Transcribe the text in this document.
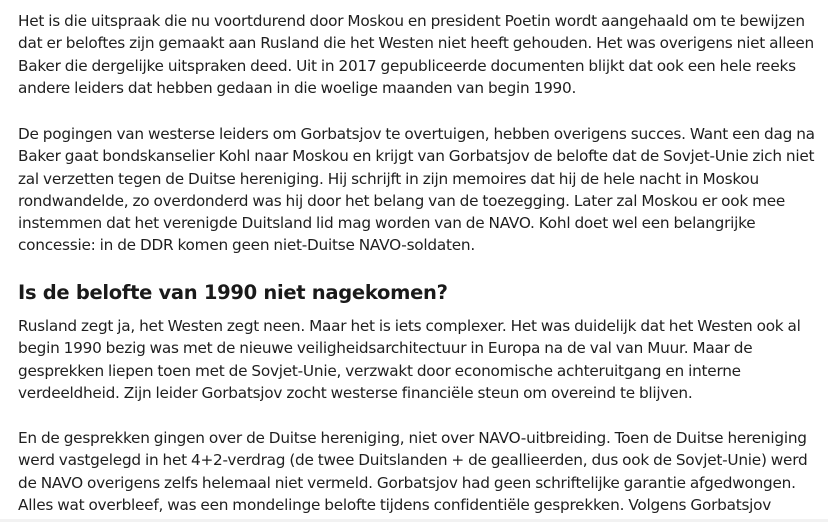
Het is die uitspraak die nu voortdurend door Moskou en president Poetin wordt aangehaald om te bewijzen dat er beloftes zijn gemaakt aan Rusland die het Westen niet heeft gehouden. Het was overigens niet alleen Baker die dergelijke uitspraken deed. Uit in 2017 gepubliceerde documenten blijkt dat ook een hele reeks andere leiders dat hebben gedaan in die woelige maanden van begin 1990.

De pogingen van westerse leiders om Gorbatsjov te overtuigen, hebben overigens succes. Want een dag na Baker gaat bondskanselier Kohl naar Moskou en krijgt van Gorbatsjov de belofte dat de Sovjet-Unie zich niet zal verzetten tegen de Duitse hereniging. Hij schrijft in zijn memoires dat hij de hele nacht in Moskou rondwandelde, zo overdonderd was hij door het belang van de toezegging. Later zal Moskou er ook mee instemmen dat het verenigde Duitsland lid mag worden van de NAVO. Kohl doet wel een belangrijke concessie: in de DDR komen geen niet-Duitse NAVO-soldaten.

Is de belofte van 1990 niet nagekomen?

Rusland zegt ja, het Westen zegt neen. Maar het is iets complexer. Het was duidelijk dat het Westen ook al begin 1990 bezig was met de nieuwe veiligheidsarchitectuur in Europa na de val van Muur. Maar de gesprekken liepen toen met de Sovjet-Unie, verzwakt door economische achteruitgang en interne verdeeldheid. Zijn leider Gorbatsjov zocht westerse financiële steun om overeind te blijven.

En de gesprekken gingen over de Duitse hereniging, niet over NAVO-uitbreiding. Toen de Duitse hereniging werd vastgelegd in het 4+2-verdrag (de twee Duitslanden + de geallieerden, dus ook de Sovjet-Unie) werd de NAVO overigens zelfs helemaal niet vermeld. Gorbatsjov had geen schriftelijke garantie afgedwongen. Alles wat overbleef, was een mondelinge belofte tijdens confidentiële gesprekken. Volgens Gorbatsjov
